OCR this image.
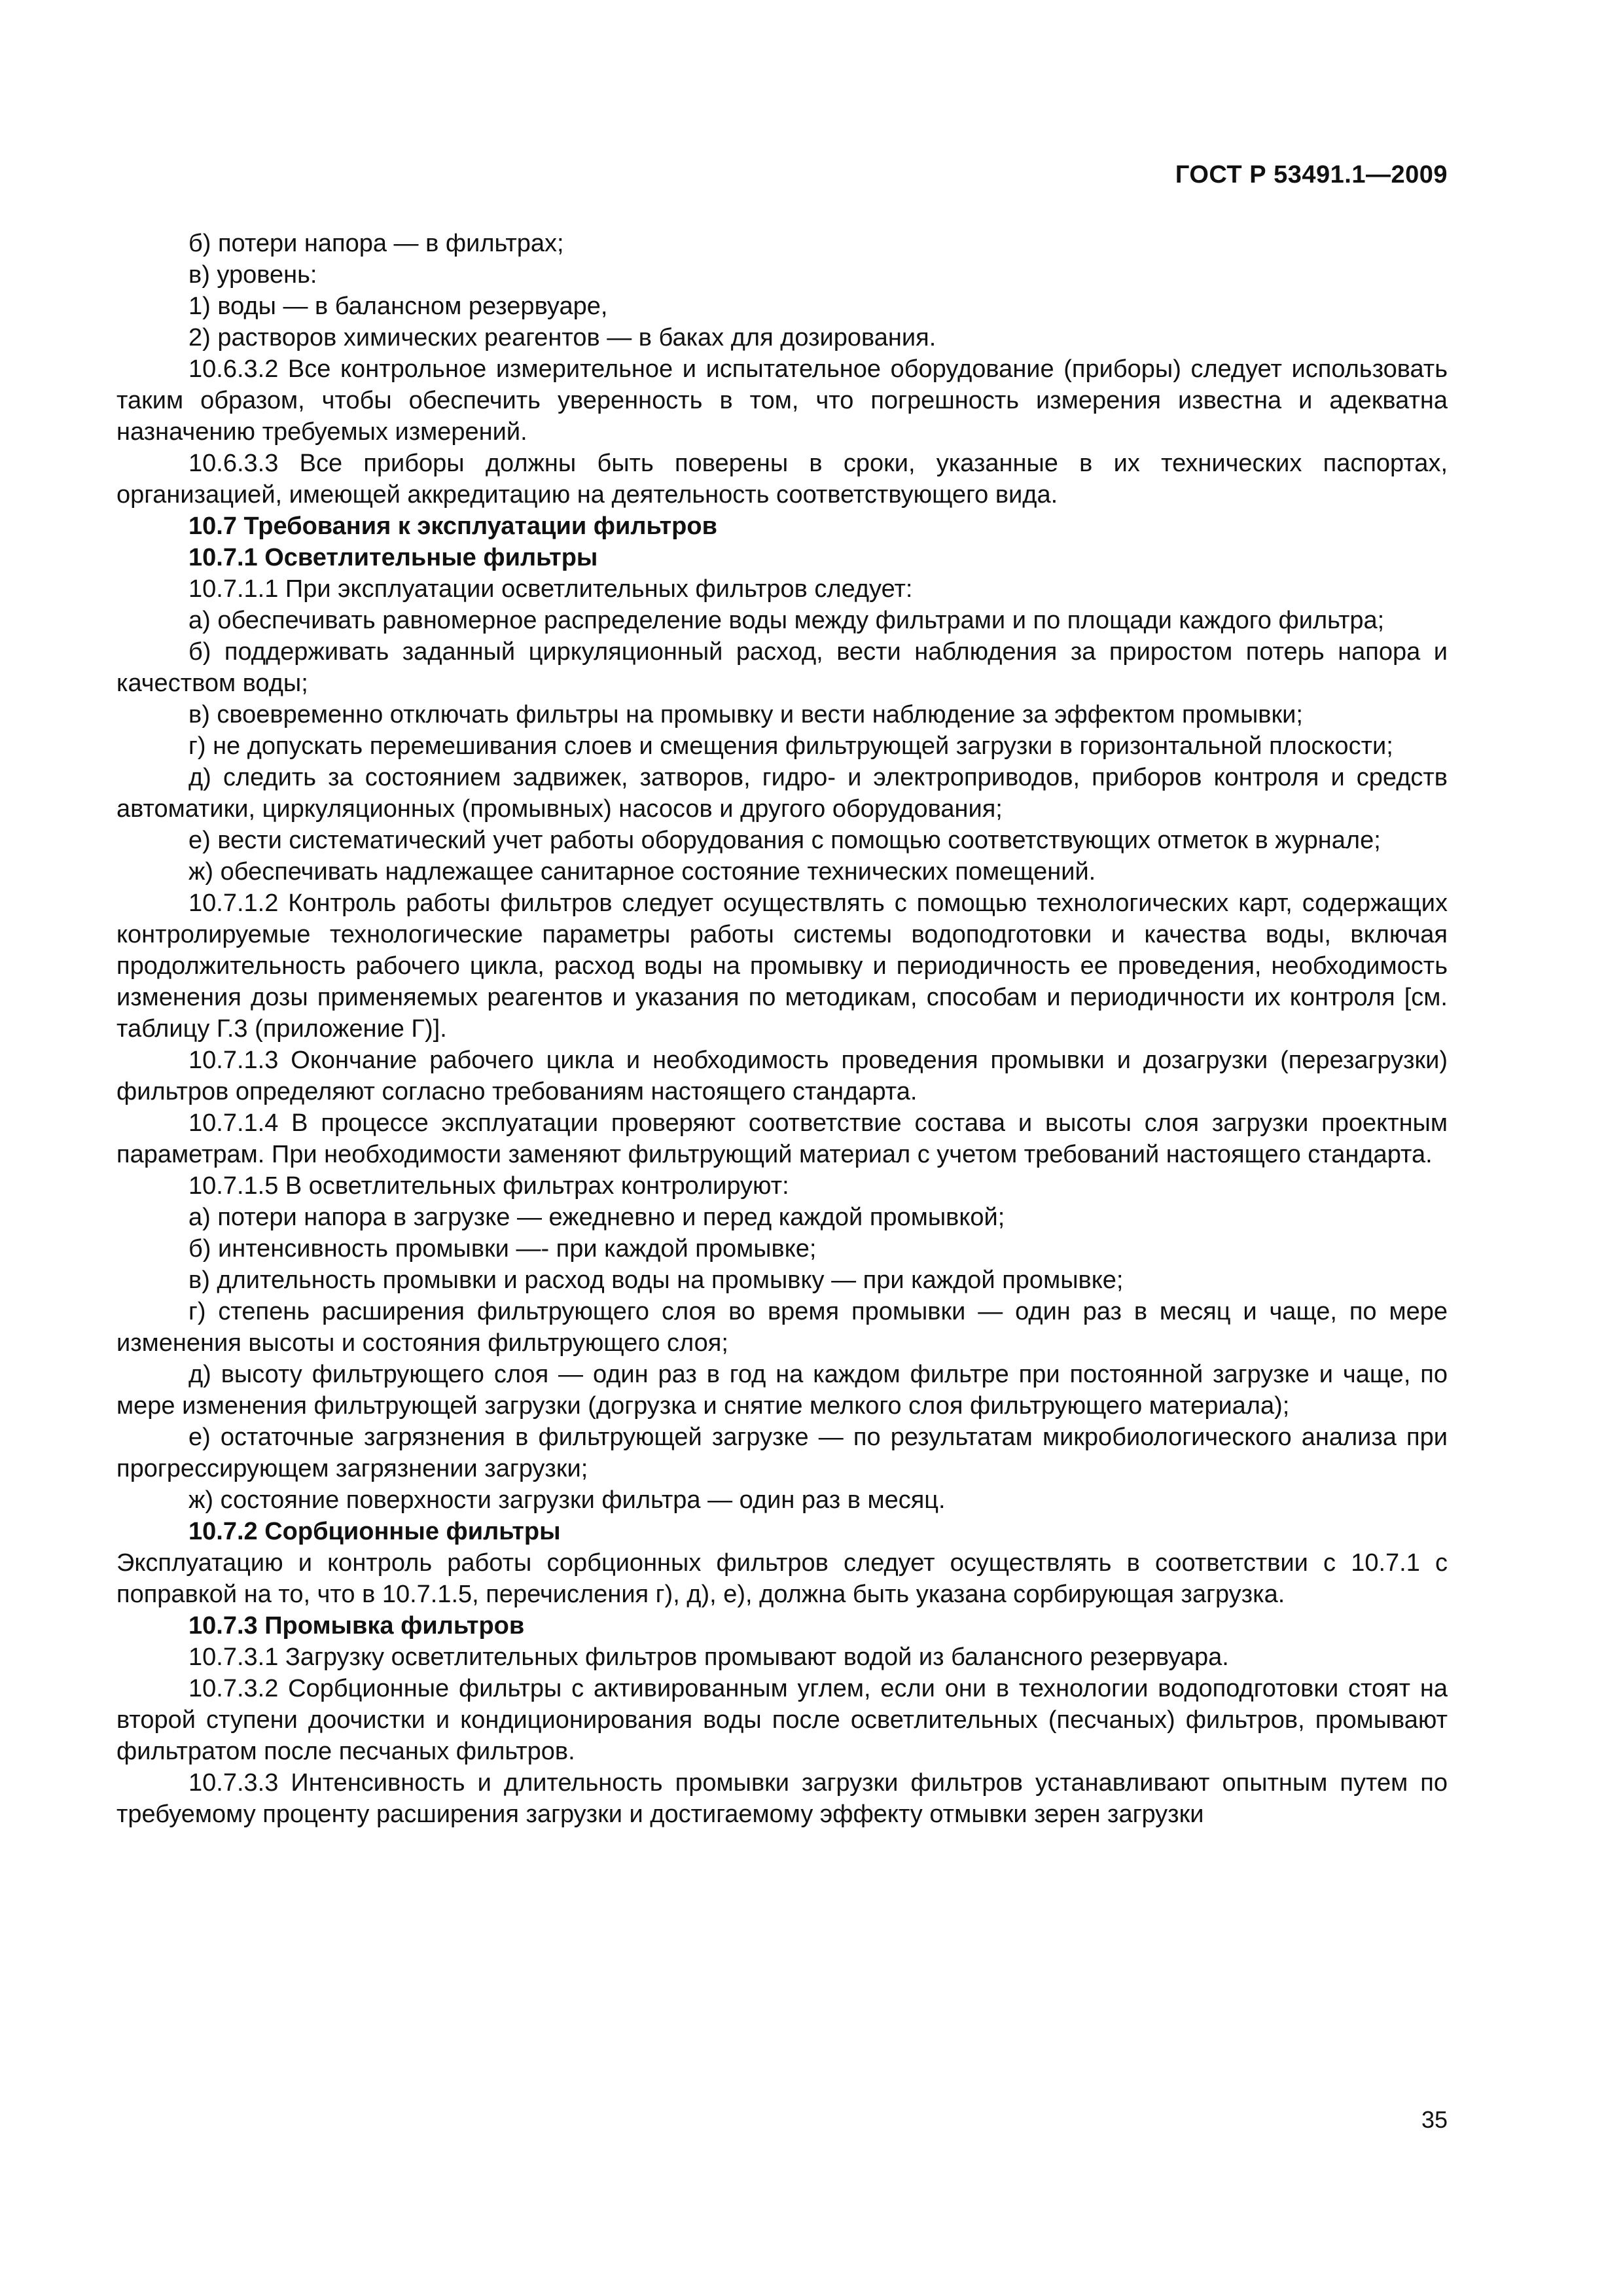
ГОСТ Р 53491.1—2009

б) потери напора — в фильтрах;

в) уровень:

1) воды — в балансном резервуаре,

2) растворов химических реагентов — в баках для дозирования.

10.6.3.2 Все контрольное измерительное и испытательное оборудование (приборы) следует использовать таким образом, чтобы обеспечить уверенность в том, что погрешность измерения известна и адекватна назначению требуемых измерений.

10.6.3.3 Все приборы должны быть поверены в сроки, указанные в их технических паспортах, организацией, имеющей аккредитацию на деятельность соответствующего вида.

10.7 Требования к эксплуатации фильтров

10.7.1 Осветлительные фильтры

10.7.1.1 При эксплуатации осветлительных фильтров следует:

а) обеспечивать равномерное распределение воды между фильтрами и по площади каждого фильтра;

б) поддерживать заданный циркуляционный расход, вести наблюдения за приростом потерь напора и качеством воды;

в) своевременно отключать фильтры на промывку и вести наблюдение за эффектом промывки;

г) не допускать перемешивания слоев и смещения фильтрующей загрузки в горизонтальной плоскости;

д) следить за состоянием задвижек, затворов, гидро- и электроприводов, приборов контроля и средств автоматики, циркуляционных (промывных) насосов и другого оборудования;

е) вести систематический учет работы оборудования с помощью соответствующих отметок в журнале;

ж) обеспечивать надлежащее санитарное состояние технических помещений.

10.7.1.2 Контроль работы фильтров следует осуществлять с помощью технологических карт, содержащих контролируемые технологические параметры работы системы водоподготовки и качества воды, включая продолжительность рабочего цикла, расход воды на промывку и периодичность ее проведения, необходимость изменения дозы применяемых реагентов и указания по методикам, способам и периодичности их контроля [см. таблицу Г.3 (приложение Г)].

10.7.1.3 Окончание рабочего цикла и необходимость проведения промывки и дозагрузки (перезагрузки) фильтров определяют согласно требованиям настоящего стандарта.

10.7.1.4 В процессе эксплуатации проверяют соответствие состава и высоты слоя загрузки проектным параметрам. При необходимости заменяют фильтрующий материал с учетом требований настоящего стандарта.

10.7.1.5 В осветлительных фильтрах контролируют:

а) потери напора в загрузке — ежедневно и перед каждой промывкой;

б) интенсивность промывки —- при каждой промывке;

в) длительность промывки и расход воды на промывку — при каждой промывке;

г) степень расширения фильтрующего слоя во время промывки — один раз в месяц и чаще, по мере изменения высоты и состояния фильтрующего слоя;

д) высоту фильтрующего слоя — один раз в год на каждом фильтре при постоянной загрузке и чаще, по мере изменения фильтрующей загрузки (догрузка и снятие мелкого слоя фильтрующего материала);

е) остаточные загрязнения в фильтрующей загрузке — по результатам микробиологического анализа при прогрессирующем загрязнении загрузки;

ж) состояние поверхности загрузки фильтра — один раз в месяц.

10.7.2 Сорбционные фильтры

Эксплуатацию и контроль работы сорбционных фильтров следует осуществлять в соответствии с 10.7.1 с поправкой на то, что в 10.7.1.5, перечисления г), д), е), должна быть указана сорбирующая загрузка.

10.7.3 Промывка фильтров

10.7.3.1 Загрузку осветлительных фильтров промывают водой из балансного резервуара.

10.7.3.2 Сорбционные фильтры с активированным углем, если они в технологии водоподготовки стоят на второй ступени доочистки и кондиционирования воды после осветлительных (песчаных) фильтров, промывают фильтратом после песчаных фильтров.

10.7.3.3 Интенсивность и длительность промывки загрузки фильтров устанавливают опытным путем по требуемому проценту расширения загрузки и достигаемому эффекту отмывки зерен загрузки

35
